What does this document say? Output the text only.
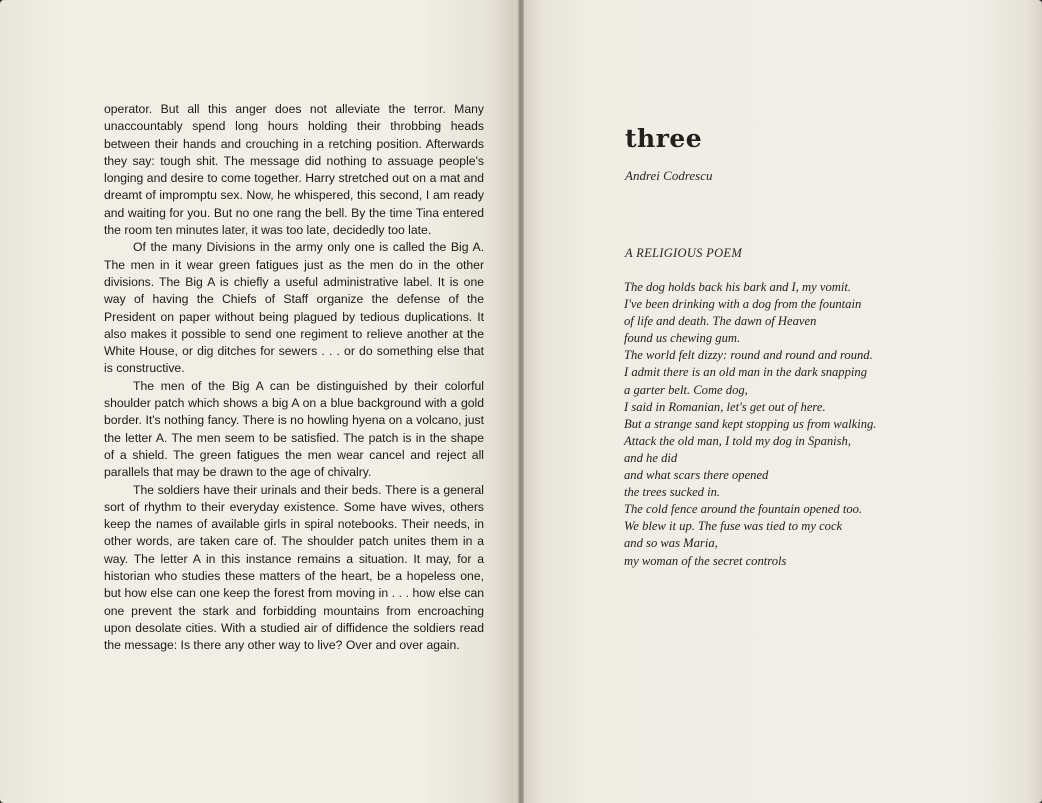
operator. But all this anger does not alleviate the terror. Many unaccountably spend long hours holding their throbbing heads between their hands and crouching in a retching position. Afterwards they say: tough shit. The message did nothing to assuage people's longing and desire to come together. Harry stretched out on a mat and dreamt of impromptu sex. Now, he whispered, this second, I am ready and waiting for you. But no one rang the bell. By the time Tina entered the room ten minutes later, it was too late, decidedly too late.

Of the many Divisions in the army only one is called the Big A. The men in it wear green fatigues just as the men do in the other divisions. The Big A is chiefly a useful administrative label. It is one way of having the Chiefs of Staff organize the defense of the President on paper without being plagued by tedious duplications. It also makes it possible to send one regiment to relieve another at the White House, or dig ditches for sewers . . . or do something else that is constructive.

The men of the Big A can be distinguished by their colorful shoulder patch which shows a big A on a blue background with a gold border. It's nothing fancy. There is no howling hyena on a volcano, just the letter A. The men seem to be satisfied. The patch is in the shape of a shield. The green fatigues the men wear cancel and reject all parallels that may be drawn to the age of chivalry.

The soldiers have their urinals and their beds. There is a general sort of rhythm to their everyday existence. Some have wives, others keep the names of available girls in spiral notebooks. Their needs, in other words, are taken care of. The shoulder patch unites them in a way. The letter A in this instance remains a situation. It may, for a historian who studies these matters of the heart, be a hopeless one, but how else can one keep the forest from moving in . . . how else can one prevent the stark and forbidding mountains from encroaching upon desolate cities. With a studied air of diffidence the soldiers read the message: Is there any other way to live? Over and over again.

three
Andrei Codrescu
A RELIGIOUS POEM
The dog holds back his bark and I, my vomit.
I've been drinking with a dog from the fountain
of life and death. The dawn of Heaven
found us chewing gum.
The world felt dizzy: round and round and round.
I admit there is an old man in the dark snapping
a garter belt. Come dog,
I said in Romanian, let's get out of here.
But a strange sand kept stopping us from walking.
Attack the old man, I told my dog in Spanish,
and he did
and what scars there opened
the trees sucked in.
The cold fence around the fountain opened too.
We blew it up. The fuse was tied to my cock
and so was Maria,
my woman of the secret controls
